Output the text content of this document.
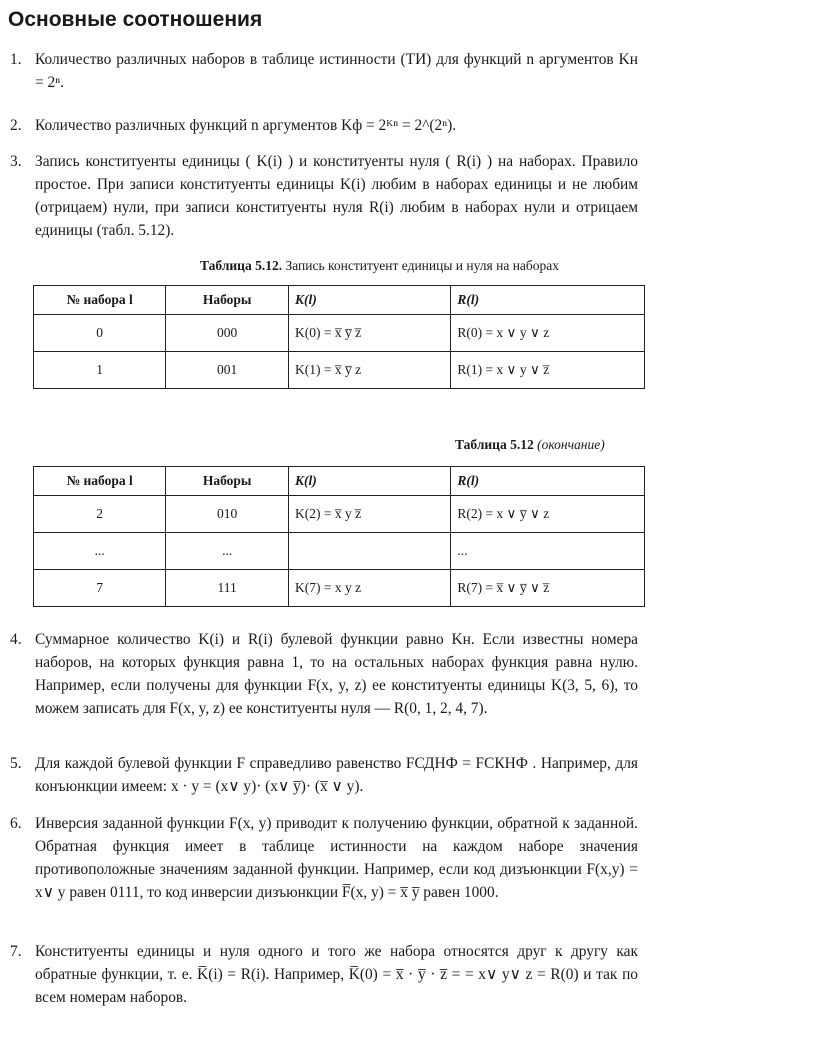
Основные соотношения
1. Количество различных наборов в таблице истинности (ТИ) для функций n аргументов Kн = 2ⁿ.
2. Количество различных функций n аргументов Kф = 2ᴷⁿ = 2^(2ⁿ).
3. Запись конституенты единицы ( K(i) ) и конституенты нуля ( R(i) ) на наборах. Правило простое. При записи конституенты единицы K(i) любим в наборах единицы и не любим (отрицаем) нули, при записи конституенты нуля R(i) любим в наборах нули и отрицаем единицы (табл. 5.12).
Таблица 5.12. Запись конституент единицы и нуля на наборах
№ набора l	Наборы	K(l)	R(l)
0	000	K(0) = x̅ y̅ z̅	R(0) = x ∨ y ∨ z
1	001	K(1) = x̅ y̅ z	R(1) = x ∨ y ∨ z̅
Таблица 5.12 (окончание)
№ набора l	Наборы	K(l)	R(l)
2	010	K(2) = x̅ y z̅	R(2) = x ∨ y̅ ∨ z
...	...		...
7	111	K(7) = x y z	R(7) = x̅ ∨ y̅ ∨ z̅
4. Суммарное количество K(i) и R(i) булевой функции равно Kн. Если известны номера наборов, на которых функция равна 1, то на остальных наборах функция равна нулю. Например, если получены для функции F(x, y, z) ее конституенты единицы K(3, 5, 6), то можем записать для F(x, y, z) ее конституенты нуля — R(0, 1, 2, 4, 7).
5. Для каждой булевой функции F справедливо равенство FСДНФ = FСКНФ . Например, для конъюнкции имеем: x · y = (x∨ y)· (x∨ y̅)· (x̅ ∨ y).
6. Инверсия заданной функции F(x, y) приводит к получению функции, обратной к заданной. Обратная функция имеет в таблице истинности на каждом наборе значения противоположные значениям заданной функции. Например, если код дизъюнкции F(x,y) = x∨ y равен 0111, то код инверсии дизъюнкции F̅(x, y) = x̅ y̅ равен 1000.
7. Конституенты единицы и нуля одного и того же набора относятся друг к другу как обратные функции, т. е. K̅(i) = R(i). Например, K̅(0) = x̅ · y̅ · z̅ = = x∨ y∨ z = R(0) и так по всем номерам наборов.
